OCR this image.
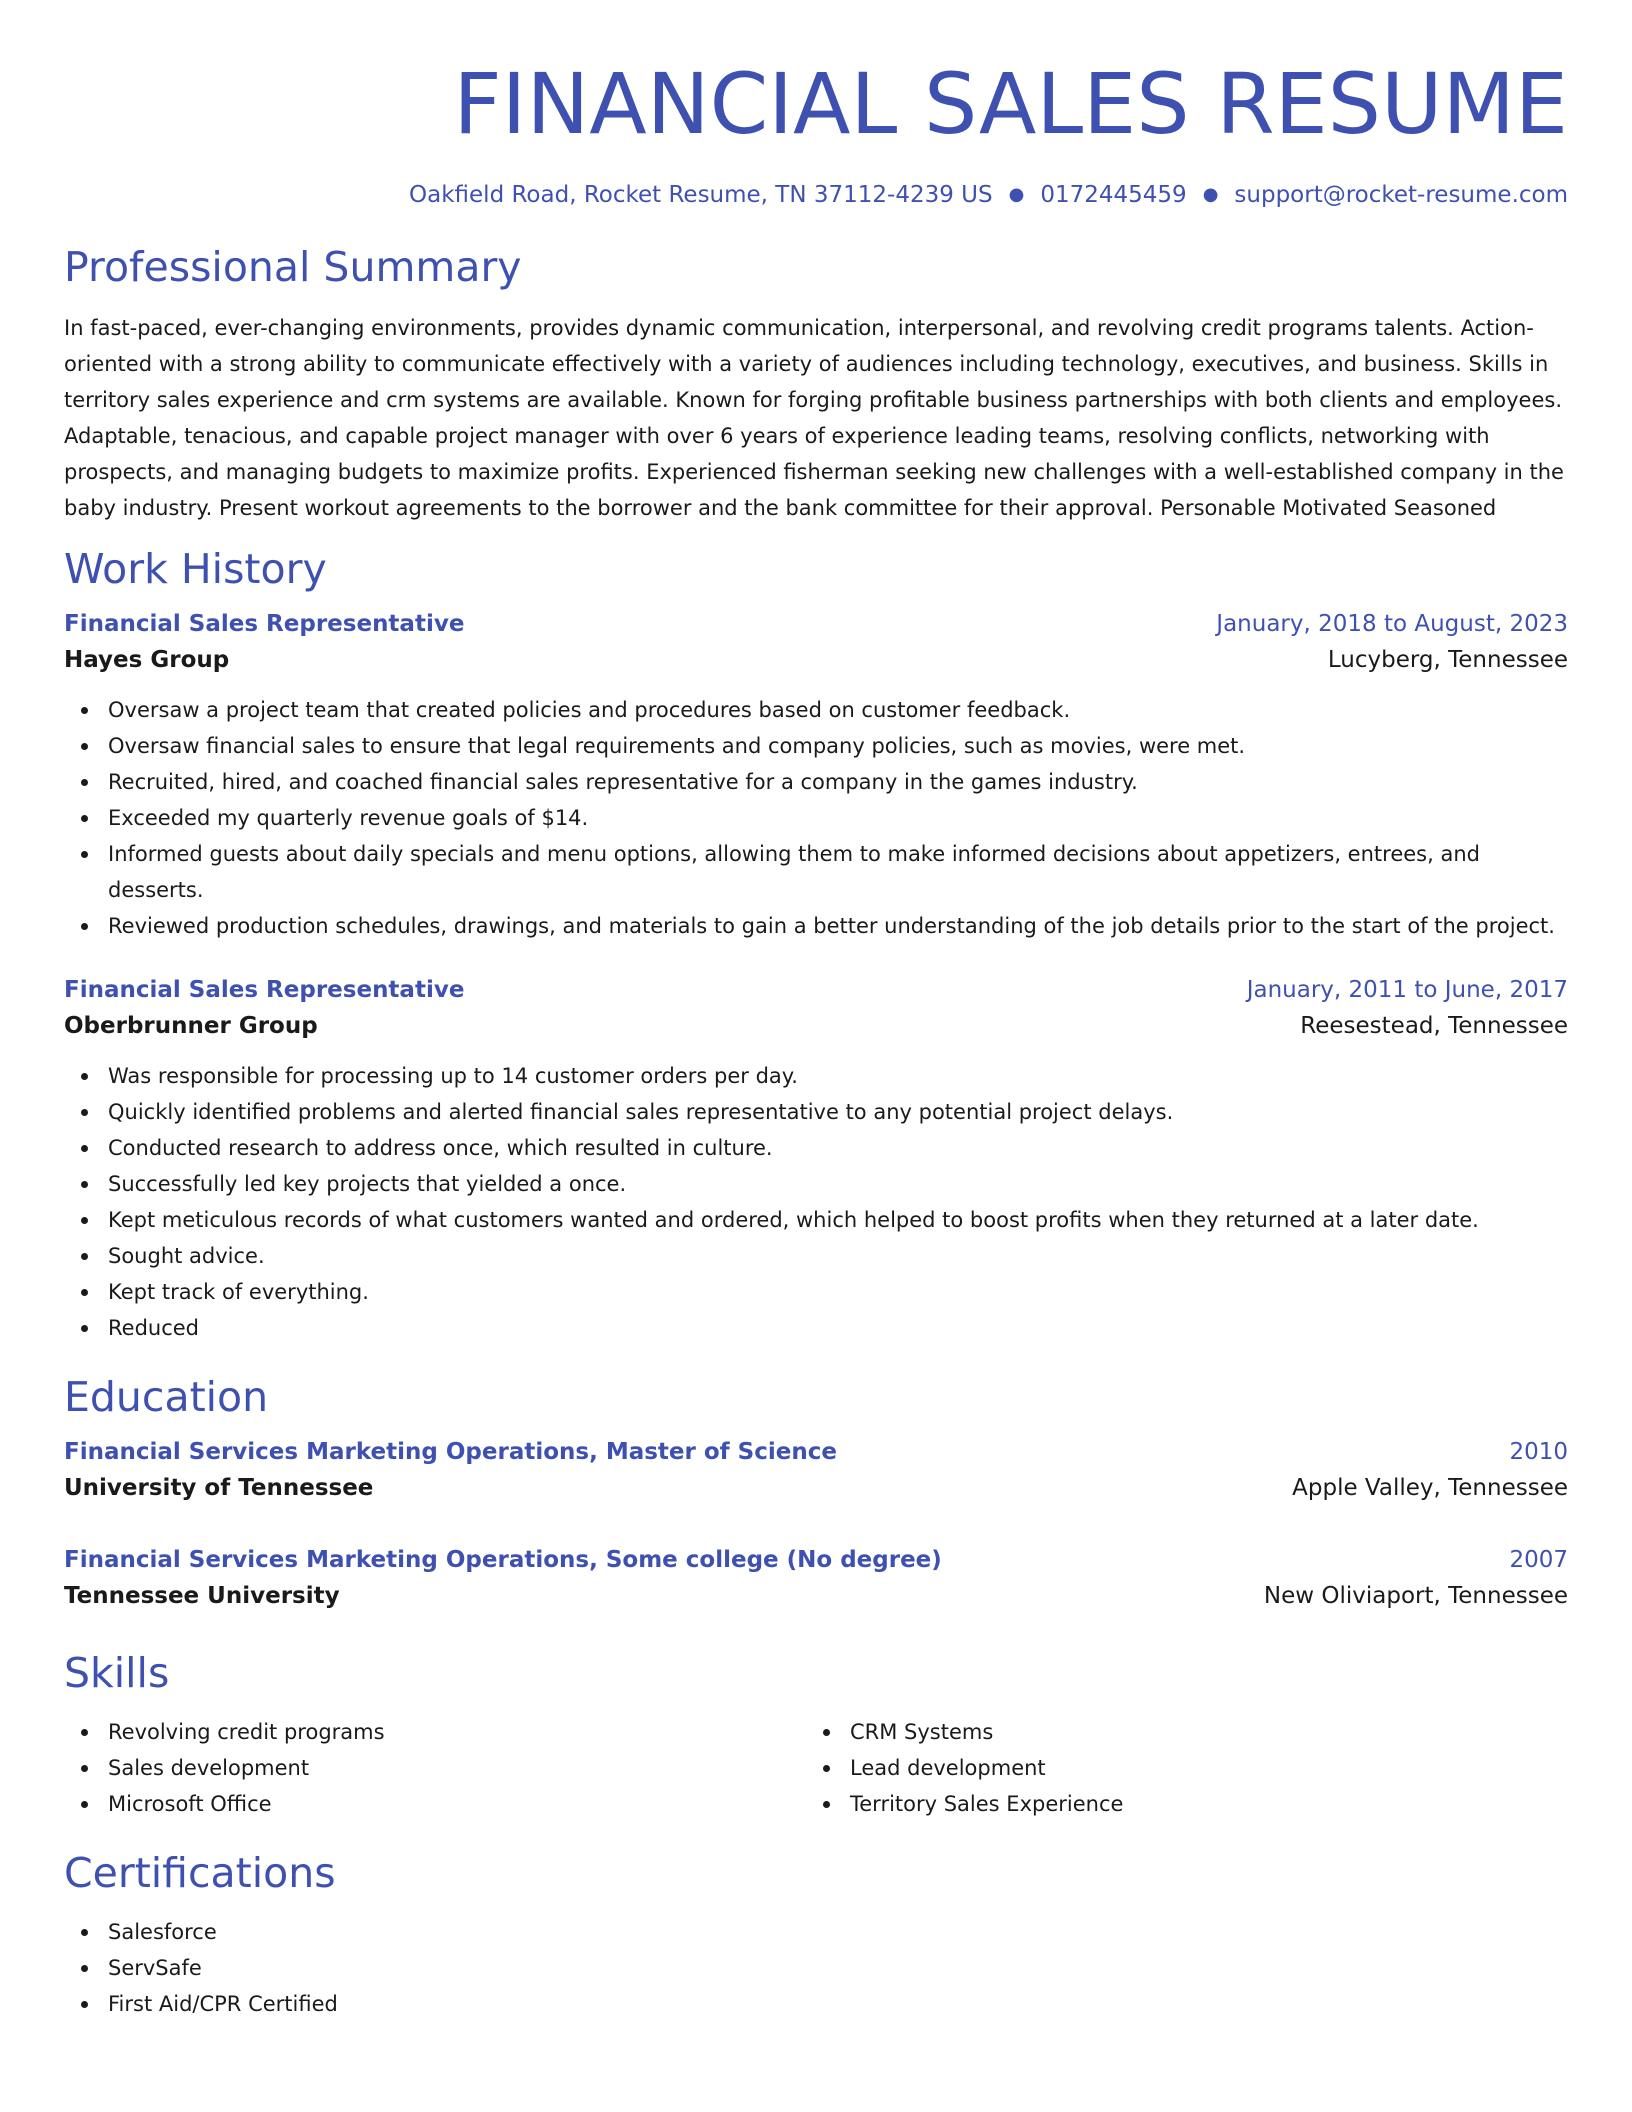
FINANCIAL SALES RESUME
Oakfield Road, Rocket Resume, TN 37112-4239 US ● 0172445459 ● support@rocket-resume.com
Professional Summary

In fast-paced, ever-changing environments, provides dynamic communication, interpersonal, and revolving credit programs talents. Action-oriented with a strong ability to communicate effectively with a variety of audiences including technology, executives, and business. Skills in territory sales experience and crm systems are available. Known for forging profitable business partnerships with both clients and employees. Adaptable, tenacious, and capable project manager with over 6 years of experience leading teams, resolving conflicts, networking with prospects, and managing budgets to maximize profits. Experienced fisherman seeking new challenges with a well-established company in the baby industry. Present workout agreements to the borrower and the bank committee for their approval. Personable Motivated Seasoned

Work History
Financial Sales Representative	January, 2018 to August, 2023
Hayes Group	Lucyberg, Tennessee
Oversaw a project team that created policies and procedures based on customer feedback.
Oversaw financial sales to ensure that legal requirements and company policies, such as movies, were met.
Recruited, hired, and coached financial sales representative for a company in the games industry.
Exceeded my quarterly revenue goals of $14.
Informed guests about daily specials and menu options, allowing them to make informed decisions about appetizers, entrees, and desserts.
Reviewed production schedules, drawings, and materials to gain a better understanding of the job details prior to the start of the project.
Financial Sales Representative	January, 2011 to June, 2017
Oberbrunner Group	Reesestead, Tennessee
Was responsible for processing up to 14 customer orders per day.
Quickly identified problems and alerted financial sales representative to any potential project delays.
Conducted research to address once, which resulted in culture.
Successfully led key projects that yielded a once.
Kept meticulous records of what customers wanted and ordered, which helped to boost profits when they returned at a later date.
Sought advice.
Kept track of everything.
Reduced
Education
Financial Services Marketing Operations, Master of Science	2010
University of Tennessee	Apple Valley, Tennessee
Financial Services Marketing Operations, Some college (No degree)	2007
Tennessee University	New Oliviaport, Tennessee
Skills
Revolving credit programs
Sales development
Microsoft Office
CRM Systems
Lead development
Territory Sales Experience
Certifications
Salesforce
ServSafe
First Aid/CPR Certified
